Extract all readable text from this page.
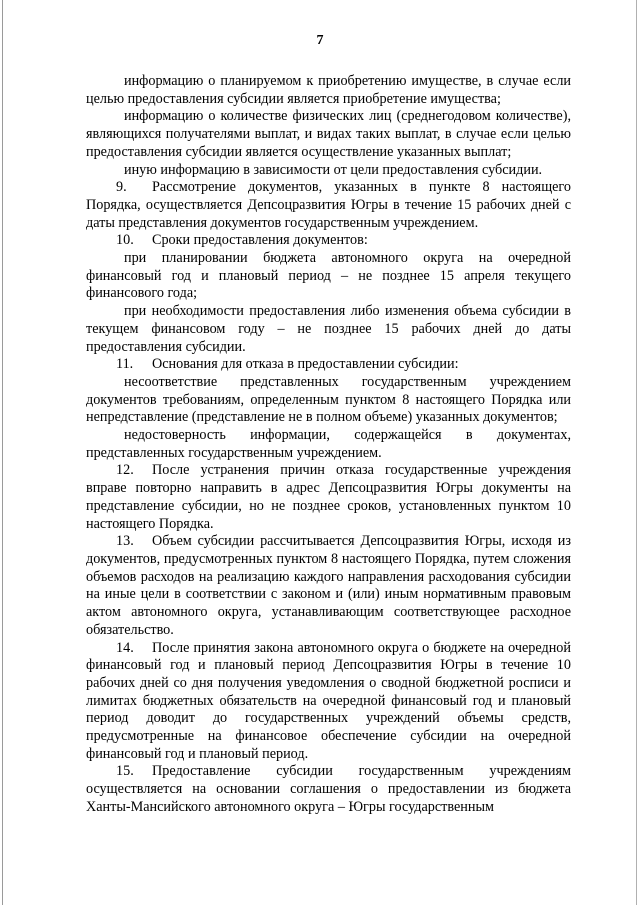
7

информацию о планируемом к приобретению имуществе, в случае если целью предоставления субсидии является приобретение имущества;

информацию о количестве физических лиц (среднегодовом количестве), являющихся получателями выплат, и видах таких выплат, в случае если целью предоставления субсидии является осуществление указанных выплат;

иную информацию в зависимости от цели предоставления субсидии.

9. Рассмотрение документов, указанных в пункте 8 настоящего Порядка, осуществляется Депсоцразвития Югры в течение 15 рабочих дней с даты представления документов государственным учреждением.

10. Сроки предоставления документов:

при планировании бюджета автономного округа на очередной финансовый год и плановый период – не позднее 15 апреля текущего финансового года;

при необходимости предоставления либо изменения объема субсидии в текущем финансовом году – не позднее 15 рабочих дней до даты предоставления субсидии.

11. Основания для отказа в предоставлении субсидии:

несоответствие представленных государственным учреждением документов требованиям, определенным пунктом 8 настоящего Порядка или непредставление (представление не в полном объеме) указанных документов;

недостоверность информации, содержащейся в документах, представленных государственным учреждением.

12. После устранения причин отказа государственные учреждения вправе повторно направить в адрес Депсоцразвития Югры документы на представление субсидии, но не позднее сроков, установленных пунктом 10 настоящего Порядка.

13. Объем субсидии рассчитывается Депсоцразвития Югры, исходя из документов, предусмотренных пунктом 8 настоящего Порядка, путем сложения объемов расходов на реализацию каждого направления расходования субсидии на иные цели в соответствии с законом и (или) иным нормативным правовым актом автономного округа, устанавливающим соответствующее расходное обязательство.

14. После принятия закона автономного округа о бюджете на очередной финансовый год и плановый период Депсоцразвития Югры в течение 10 рабочих дней со дня получения уведомления о сводной бюджетной росписи и лимитах бюджетных обязательств на очередной финансовый год и плановый период доводит до государственных учреждений объемы средств, предусмотренные на финансовое обеспечение субсидии на очередной финансовый год и плановый период.

15. Предоставление субсидии государственным учреждениям осуществляется на основании соглашения о предоставлении из бюджета Ханты-Мансийского автономного округа – Югры государственным
